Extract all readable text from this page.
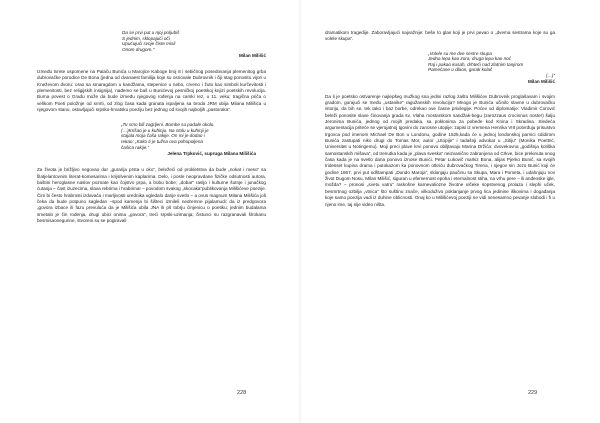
Da se prvi put u njoj poljubiš
S jednim, sklopajući oči
Upućujući svoje čiste misli
Onom drugom."
Milan Milišić
Između tvrete uspomene na Palaču Bunića u Marojice Kaboge broj 8 i sebičnog posedovanja plemenitog grba dubrovačke porodice De Bona (jedna od dvanaest familija koje su osnovale Dubrovnik i čiji stag ponosito vijori u Kneževom dvoru: orao sa smaragdom u kandžama, stepenice u nebo, crveno i žuto kao simboli kurčevitosti i plemenitosti, bez religijskih insignija), nađemo se baš u Bunićevoj pesničkoj poetskoj knjizi poetskih revolucija. Burna povest o Gradu može da bude između njegovog rođenja na carski rez, u 11. veku; tragična priča o velikom Poeti položnje od smrti, od zlog časa kada granata ispaljena sa broda JRM ubija Milana Milišića u njegovom stanu, ostavljajući srpsko-hrvatsku poeziju bez jednog od svojih najboljih „pastoraka“.
„Tu smo bili zagrljeni. Bombe su padale okolo.
(…)Krišao je u kuhinju. Na stolu u kuhinji je
stajala moja čaša rakije. On mi je dodao i
rekao: „Kako ti je tužna ova pohopoljena
čašica rakije.“
Jelena Trpković, supruga Milana Milišića
Za života je brižljivo negovao dar „gurarija prsta u oko“, beležeći od prokletstva da bude „nokat i meso“ sa filatjelantovnim literat-komesarima i krijsilvenim kaplarima. Delo, i posle neopravdane fizičke odsutnosti autora, baštini heroglasne naslov poznate kao čojstvo prpa, a bobu bobe; „dobar“ rasljo i kulturne šutnje i junačkog ćutanja – čast izuzecima, slava rebrima i hrabrima! – povodom svakog „skocaka“publikovanja Milišićeve poezije. Čim bi često hrabrosti izdavača i marljivosti urednika ugledalo danje svetlo – a ovus magnum Milana Milišića još čeka da bude potpuno sagledan –spod kamenja bi šišteci izmilelі nedremne pijalamudi: da iz predgovora „govora izbace ili fazu prevuluća da je Milišića ubila JNA ili pš tobrju ćinjenicu o poetiku; jednim budalama smetalo je čin rođenja, drugi ubici onima „govora“, treći srpski-uzimanja; čistunci su razgranavali šlrokanu besmisaonegunne, stvoreni su se pogiravali
228
dramatikom tragedije. Zaboravljajući najvažnije: beše to glas koji je prvi pevao o „dvema sestrama koje su ga volele skupa“.
„Volele su me dve sestre skupa
Jedna lepa kao zora, druga lepa kao noć
Raj i pakao kusah, drhteći nad zlatnim tanjirom
Pamećane u dlaon, garak kolač
(…)“
Milan Milišić
Da li je poetsko ostvarenje najlepšeg mužkog sna jedini razlog zašto Milišićev Dubrovnik proglašavam i svojim gradom, gurajući se među „ustanike“ ragužanskih revolucija? Mnogo je Bunića učinilo slavne u dubrovačku istoriju, da bih se, tek tako i baz borbe, odrekao ove časne privilegije. Poćev od diplomatije: Vladimir Ćorović beleži ponosite slave činovanja grada sv. Vlaha mostarskom sandžak-begu (zarozzaus crocinnus noster) šalju Jeronima Bunića, jednog od mojih predaka, sa poklonima za pobede kod Knina i Skradina. Sledeća argumentacija priteće se vjerojatnoj tgovini do zanosne utopije: zapisi iz vremena Henrika VIII potvrđuju prisustvo trgovca pod imenom Michael De Bon u Londonu, godine 1525,kada će u jednoj londonskoj parnici cdidirom Bunića zastupati niko drugi do Tomas Mor, autor „Utopije“ i tadašnji advokat u „Sitiju“ (Monika Poettrić, Universitet u Notingemu). Moji preci plave krvi ponovo obiljtavaju Marina Držića: dvovekovna „godišnja kotiška samostanskih mišava“, od trenutka kada je „plava sveska“ neizvanično zabranjena od Crkve, bice prekinuta onog časa kada je na svetlo dana ponovo iznose Bunići. Petar Lukovič markiz Bona, alijas Pjerko Bunić, sa svojih tridesset kupina drama i putokazom ka ponovnom otkriću dubrovačkog Tirena, i njegov sin Jozo Bunić koji će godine 1867. prvi put odštampati „Dundo Maroja“, sklanjaju paučinu sa Skupa, Mara i Pometa, i udahnjuju nov život Dugom Nosu. Milan Milišić, siguran u efemernost epoha i eternalnost stiha, na vrhu pere – ili anđeoske igle, možda? – pronosi „svetu vatru“ raskošne karnevaliozne životne ulčeke sopstvenog prolaza i slephi uček, besmrtnog ozbilja „vtnica“ što suštinu znače, vilkoduživo poklanjanje prvog lica jedinine iškovima i događanja koje samo poezija vadi iz duhine oblicnosti. Onaj ko u Milišićevoj poeziji ne vidi nenesamno pevanje slobodi i fi u njeno ime, taj nije video ništa.
229
